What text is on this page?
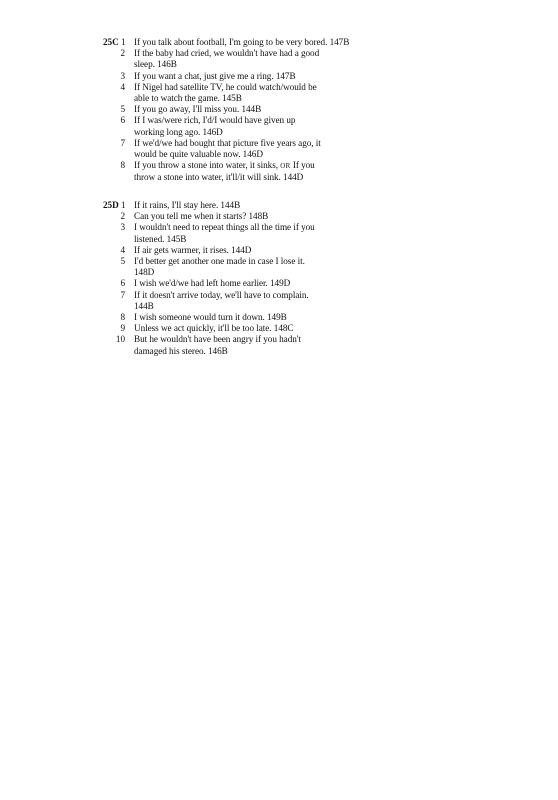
25C 1 If you talk about football, I'm going to be very bored. 147B
2 If the baby had cried, we wouldn't have had a good
sleep. 146B
3 If you want a chat, just give me a ring. 147B
4 If Nigel had satellite TV, he could watch/would be
able to watch the game. 145B
5 If you go away, I'll miss you. 144B
6 If I was/were rich, I'd/I would have given up
working long ago. 146D
7 If we'd/we had bought that picture five years ago, it
would be quite valuable now. 146D
8 If you throw a stone into water, it sinks, OR If you
throw a stone into water, it'll/it will sink. 144D
25D 1 If it rains, I'll stay here. 144B
2 Can you tell me when it starts? 148B
3 I wouldn't need to repeat things all the time if you
listened. 145B
4 If air gets warmer, it rises. 144D
5 I'd better get another one made in case I lose it.
148D
6 I wish we'd/we had left home earlier. 149D
7 If it doesn't arrive today, we'll have to complain.
144B
8 I wish someone would turn it down. 149B
9 Unless we act quickly, it'll be too late. 148C
10 But he wouldn't have been angry if you hadn't
damaged his stereo. 146B
